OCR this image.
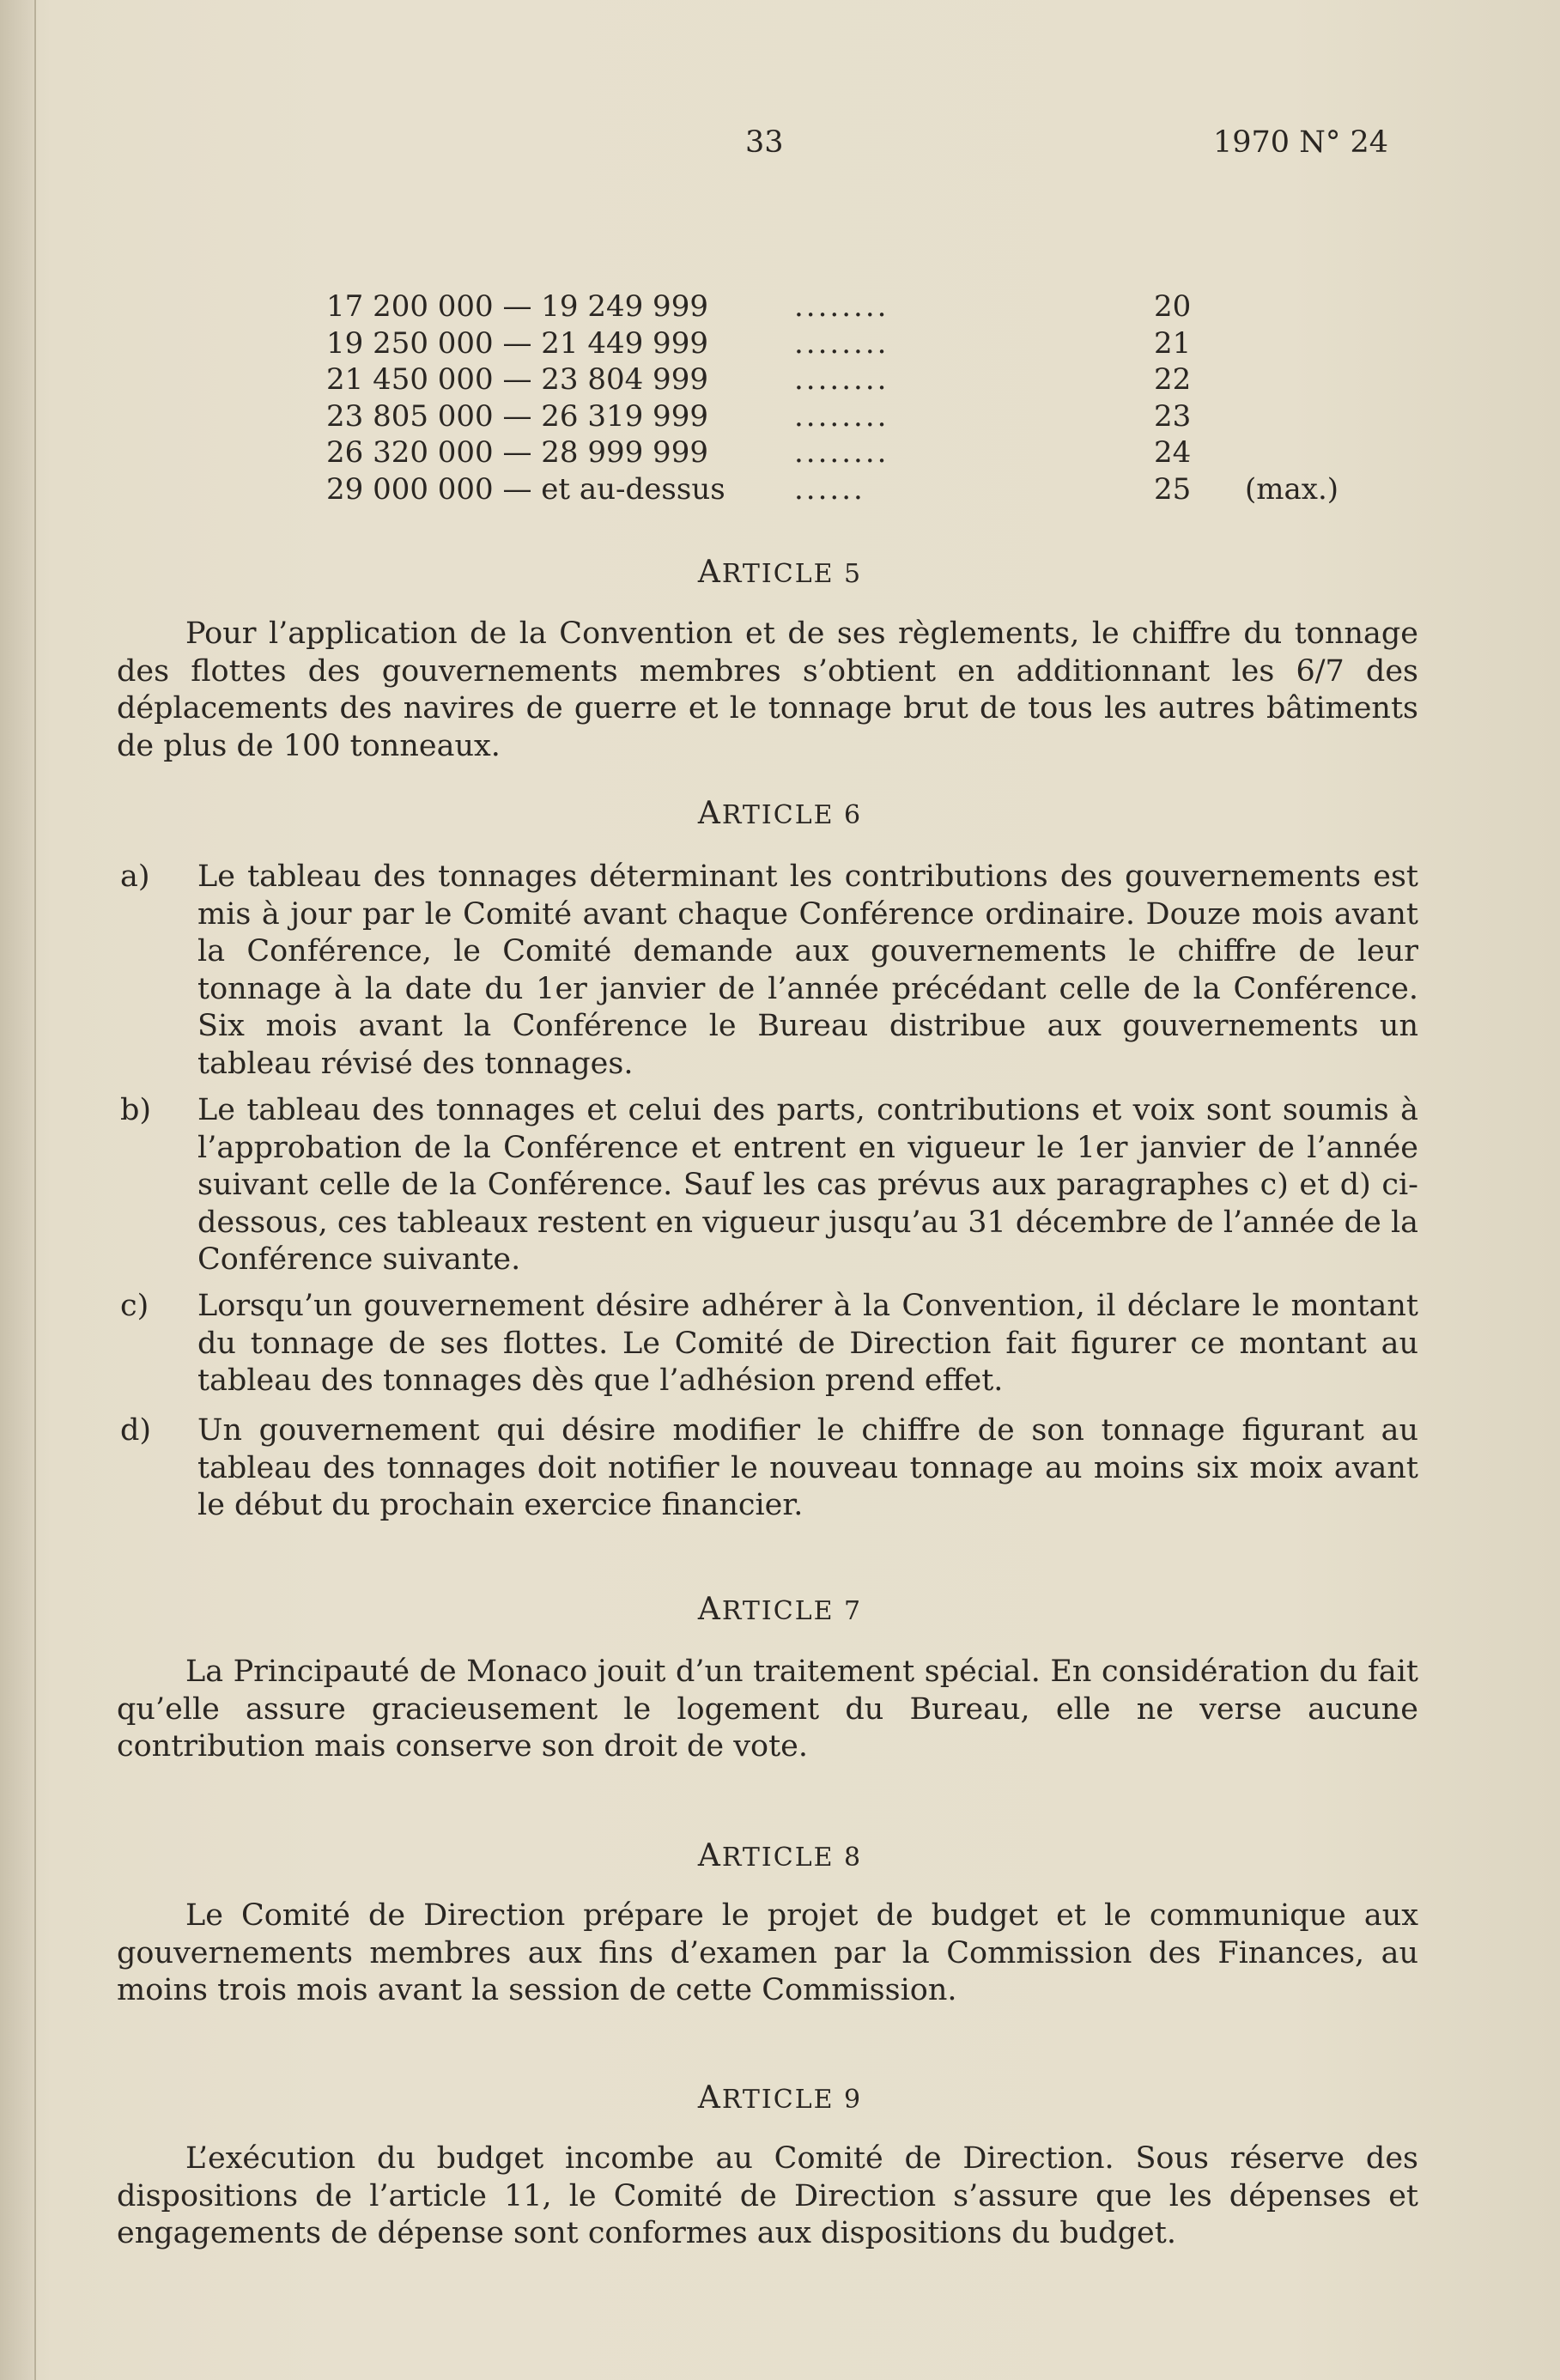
33	1970 N° 24
17 200 000 — 19 249 999	........	20
19 250 000 — 21 449 999	........	21
21 450 000 — 23 804 999	........	22
23 805 000 — 26 319 999	........	23
26 320 000 — 28 999 999	........	24
29 000 000 — et au-dessus ......	25 (max.)
ARTICLE 5
Pour l’application de la Convention et de ses règlements, le chiffre du tonnage des flottes des gouvernements membres s’obtient en additionnant les 6/7 des déplacements des navires de guerre et le tonnage brut de tous les autres bâtiments de plus de 100 tonneaux.
ARTICLE 6
a) Le tableau des tonnages déterminant les contributions des gouvernements est mis à jour par le Comité avant chaque Conférence ordinaire. Douze mois avant la Conférence, le Comité demande aux gouvernements le chiffre de leur tonnage à la date du 1er janvier de l’année précédant celle de la Conférence. Six mois avant la Conférence le Bureau distribue aux gouvernements un tableau révisé des tonnages.
b) Le tableau des tonnages et celui des parts, contributions et voix sont soumis à l’approbation de la Conférence et entrent en vigueur le 1er janvier de l’année suivant celle de la Conférence. Sauf les cas prévus aux paragraphes c) et d) ci-dessous, ces tableaux restent en vigueur jusqu’au 31 décembre de l’année de la Conférence suivante.
c) Lorsqu’un gouvernement désire adhérer à la Convention, il déclare le montant du tonnage de ses flottes. Le Comité de Direction fait figurer ce montant au tableau des tonnages dès que l’adhésion prend effet.
d) Un gouvernement qui désire modifier le chiffre de son tonnage figurant au tableau des tonnages doit notifier le nouveau tonnage au moins six moix avant le début du prochain exercice financier.
ARTICLE 7
La Principauté de Monaco jouit d’un traitement spécial. En considération du fait qu’elle assure gracieusement le logement du Bureau, elle ne verse aucune contribution mais conserve son droit de vote.
ARTICLE 8
Le Comité de Direction prépare le projet de budget et le communique aux gouvernements membres aux fins d’examen par la Commission des Finances, au moins trois mois avant la session de cette Commission.
ARTICLE 9
L’exécution du budget incombe au Comité de Direction. Sous réserve des dispositions de l’article 11, le Comité de Direction s’assure que les dépenses et engagements de dépense sont conformes aux dispositions du budget.
